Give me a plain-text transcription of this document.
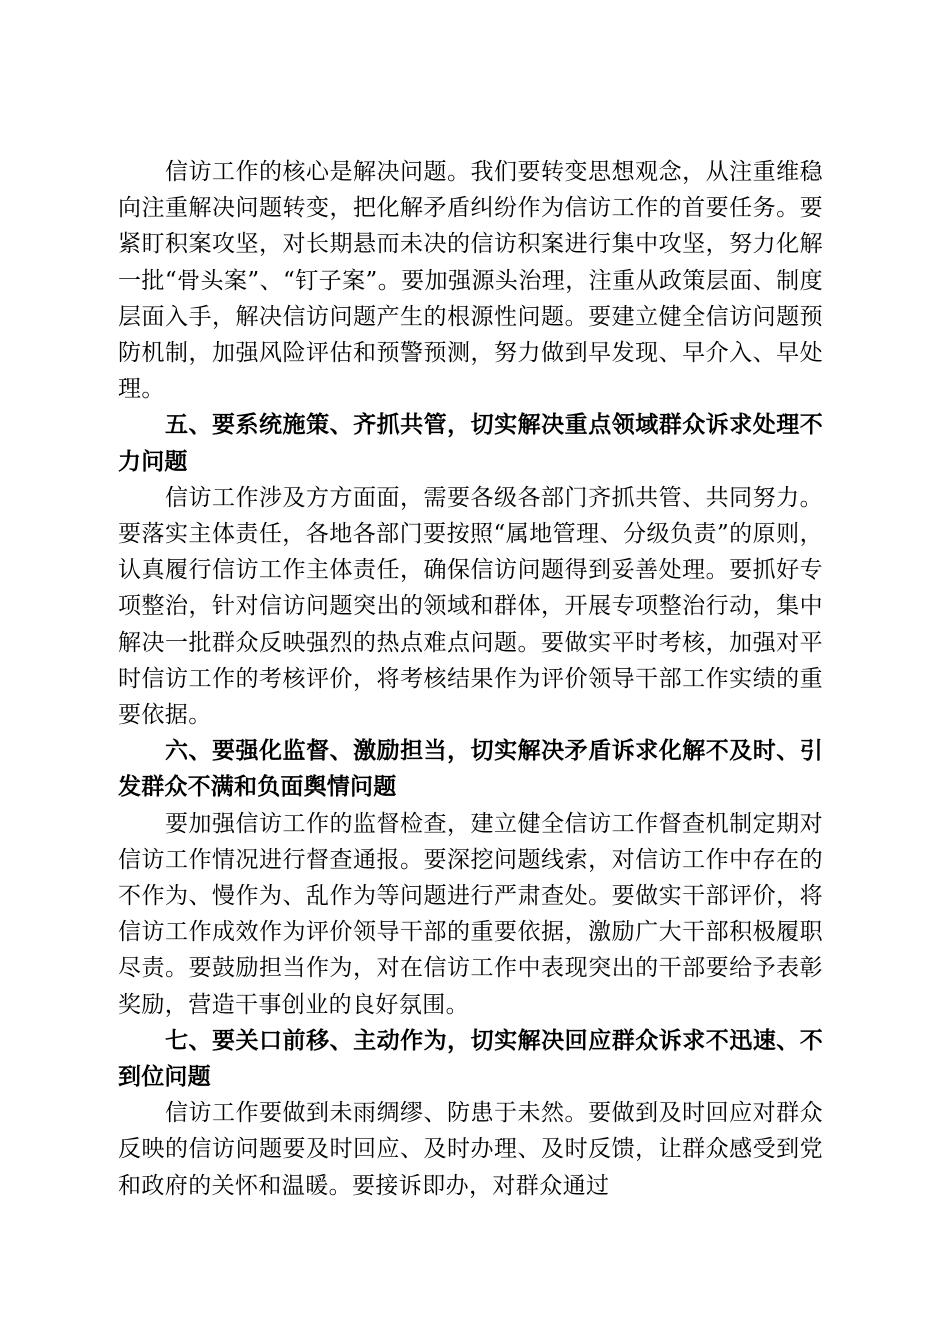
信访工作的核心是解决问题。我们要转变思想观念，从注重维稳向注重解决问题转变，把化解矛盾纠纷作为信访工作的首要任务。要紧盯积案攻坚，对长期悬而未决的信访积案进行集中攻坚，努力化解一批“骨头案”、“钉子案”。要加强源头治理，注重从政策层面、制度层面入手，解决信访问题产生的根源性问题。要建立健全信访问题预防机制，加强风险评估和预警预测，努力做到早发现、早介入、早处理。

五、要系统施策、齐抓共管，切实解决重点领域群众诉求处理不力问题

信访工作涉及方方面面，需要各级各部门齐抓共管、共同努力。要落实主体责任，各地各部门要按照“属地管理、分级负责”的原则，认真履行信访工作主体责任，确保信访问题得到妥善处理。要抓好专项整治，针对信访问题突出的领域和群体，开展专项整治行动，集中解决一批群众反映强烈的热点难点问题。要做实平时考核，加强对平时信访工作的考核评价，将考核结果作为评价领导干部工作实绩的重要依据。

六、要强化监督、激励担当，切实解决矛盾诉求化解不及时、引发群众不满和负面舆情问题

要加强信访工作的监督检查，建立健全信访工作督查机制定期对信访工作情况进行督查通报。要深挖问题线索，对信访工作中存在的不作为、慢作为、乱作为等问题进行严肃查处。要做实干部评价，将信访工作成效作为评价领导干部的重要依据，激励广大干部积极履职尽责。要鼓励担当作为，对在信访工作中表现突出的干部要给予表彰奖励，营造干事创业的良好氛围。

七、要关口前移、主动作为，切实解决回应群众诉求不迅速、不到位问题

信访工作要做到未雨绸缪、防患于未然。要做到及时回应对群众反映的信访问题要及时回应、及时办理、及时反馈，让群众感受到党和政府的关怀和温暖。要接诉即办，对群众通过
